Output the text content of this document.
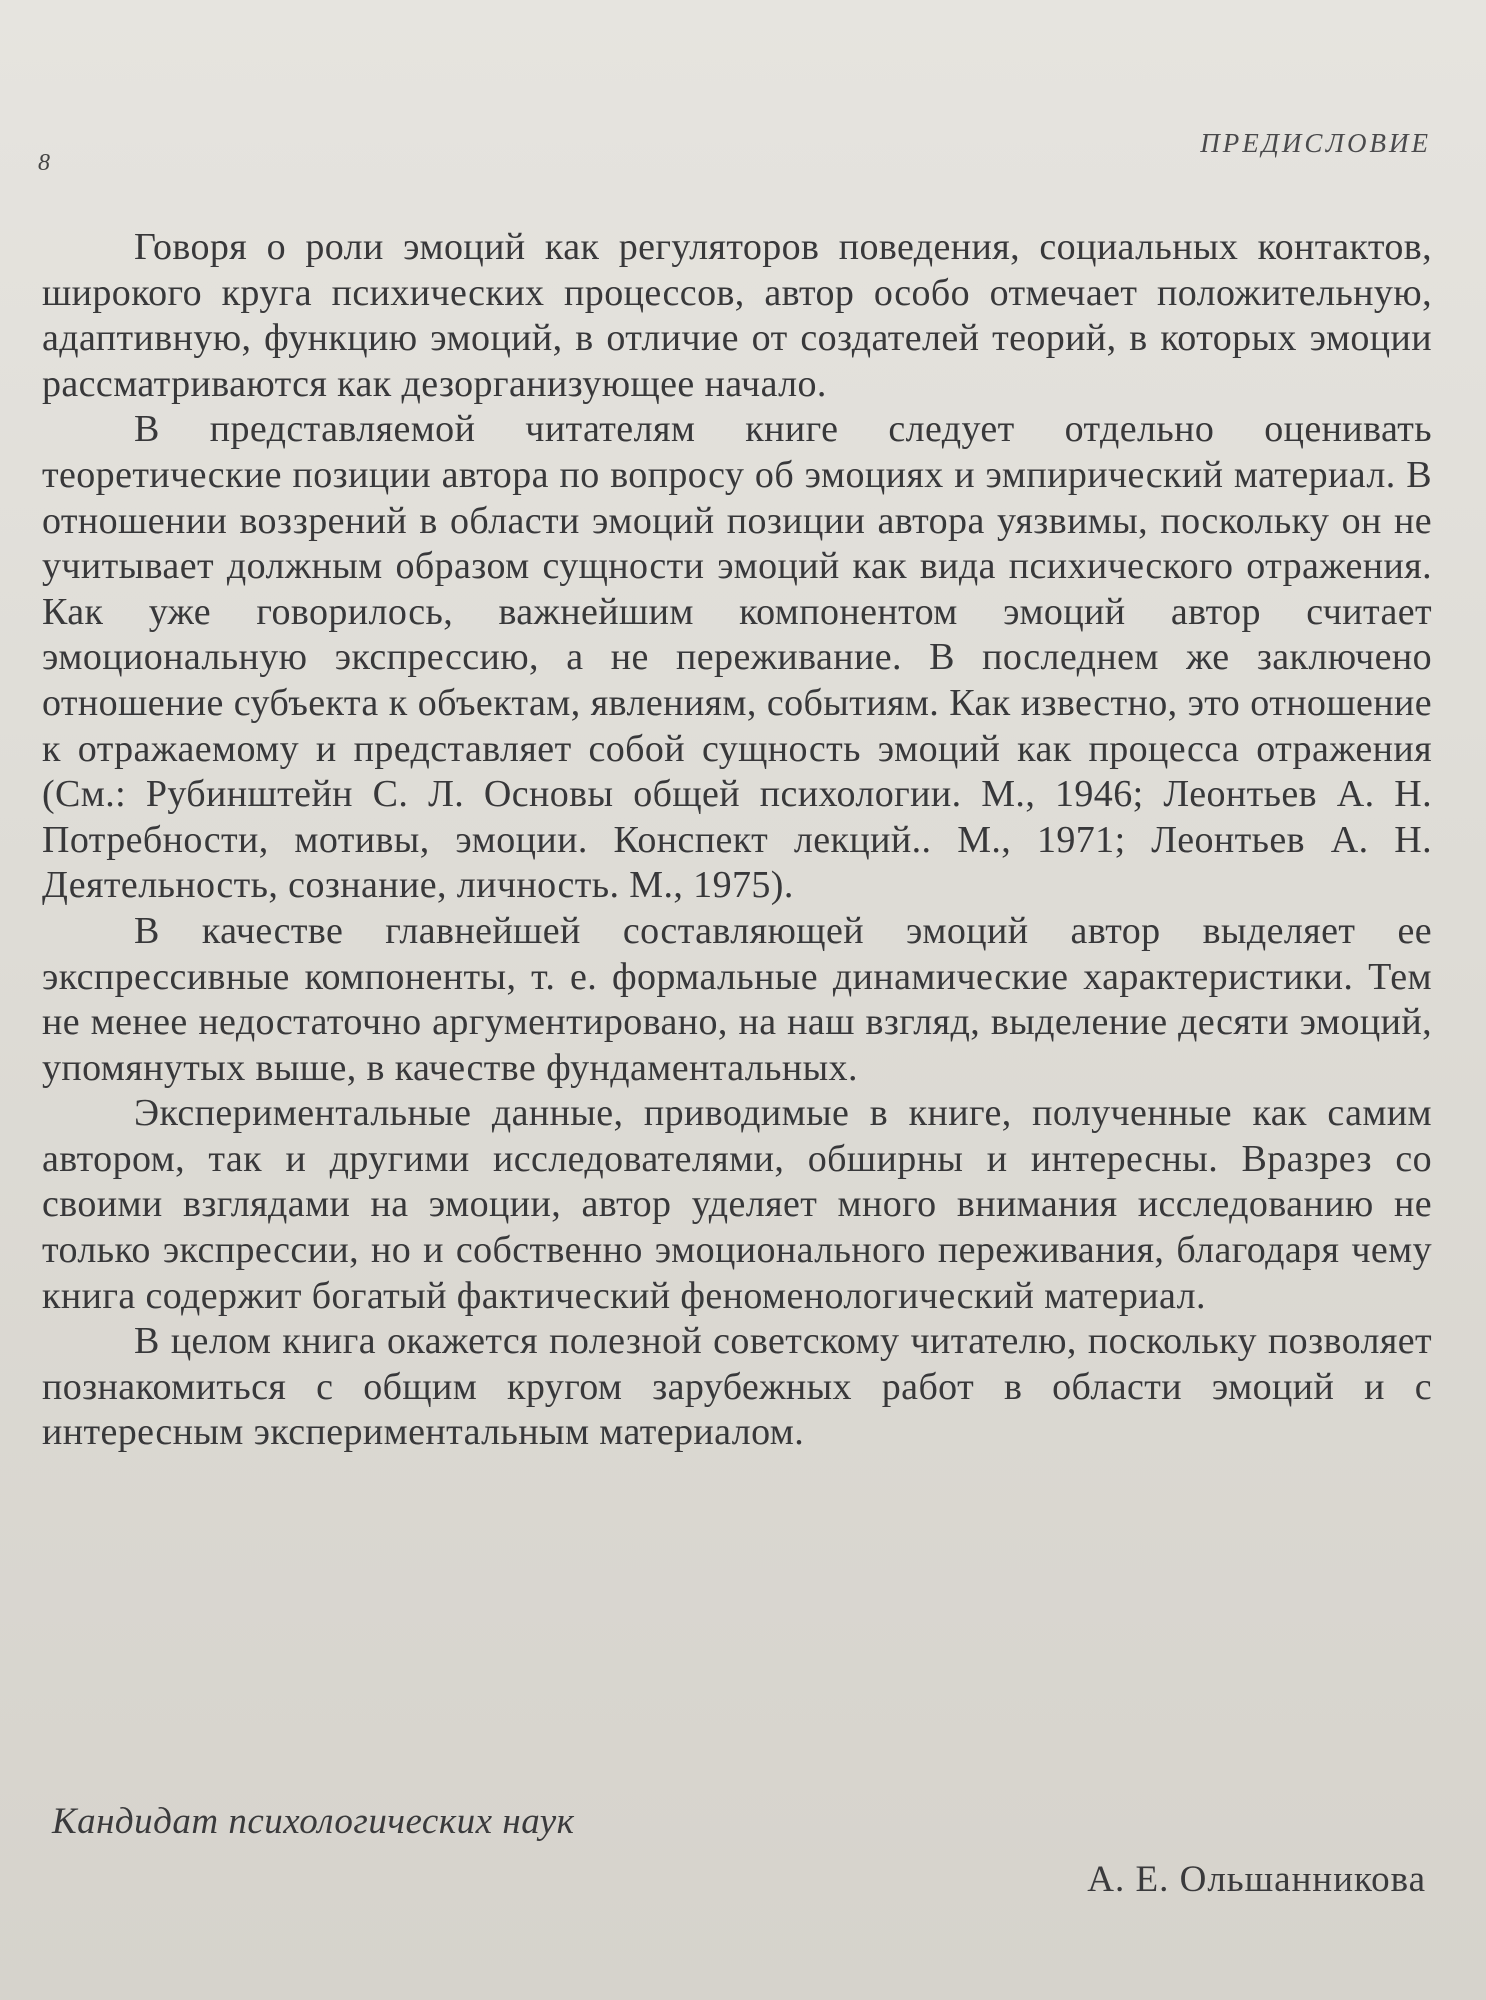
8
ПРЕДИСЛОВИЕ

Говоря о роли эмоций как регуляторов поведения, социальных контактов, широкого круга психических процессов, автор особо отмечает положительную, адаптивную, функцию эмоций, в отличие от создателей теорий, в которых эмоции рассматриваются как дезорганизующее начало.

В представляемой читателям книге следует отдельно оценивать теоретические позиции автора по вопросу об эмоциях и эмпирический материал. В отношении воззрений в области эмоций позиции автора уязвимы, поскольку он не учитывает должным образом сущности эмоций как вида психического отражения. Как уже говорилось, важнейшим компонентом эмоций автор считает эмоциональную экспрессию, а не переживание. В последнем же заключено отношение субъекта к объектам, явлениям, событиям. Как известно, это отношение к отражаемому и представляет собой сущность эмоций как процесса отражения (См.: Рубинштейн С. Л. Основы общей психологии. М., 1946; Леонтьев А. Н. Потребности, мотивы, эмоции. Конспект лекций.. М., 1971; Леонтьев А. Н. Деятельность, сознание, личность. М., 1975).

В качестве главнейшей составляющей эмоций автор выделяет ее экспрессивные компоненты, т. е. формальные динамические характеристики. Тем не менее недостаточно аргументировано, на наш взгляд, выделение десяти эмоций, упомянутых выше, в качестве фундаментальных.

Экспериментальные данные, приводимые в книге, полученные как самим автором, так и другими исследователями, обширны и интересны. Вразрез со своими взглядами на эмоции, автор уделяет много внимания исследованию не только экспрессии, но и собственно эмоционального переживания, благодаря чему книга содержит богатый фактический феноменологический материал.

В целом книга окажется полезной советскому читателю, поскольку позволяет познакомиться с общим кругом зарубежных работ в области эмоций и с интересным экспериментальным материалом.

Кандидат психологических наук
А. Е. Ольшанникова
